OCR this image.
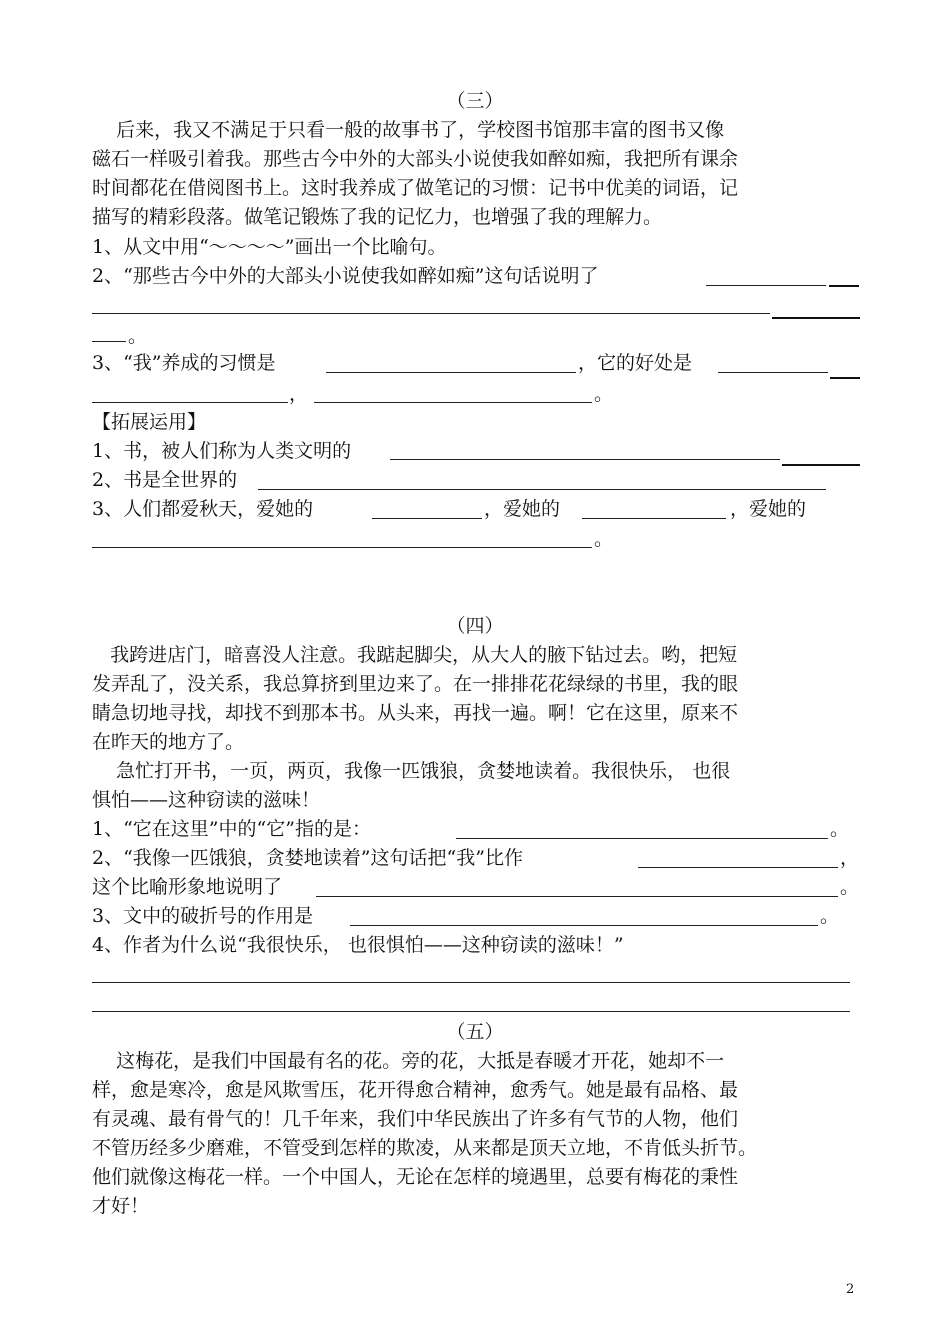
（三）
后来，我又不满足于只看一般的故事书了，学校图书馆那丰富的图书又像
磁石一样吸引着我。那些古今中外的大部头小说使我如醉如痴，我把所有课余
时间都花在借阅图书上。这时我养成了做笔记的习惯：记书中优美的词语，记
描写的精彩段落。做笔记锻炼了我的记忆力，也增强了我的理解力。
1、从文中用“～～～～”画出一个比喻句。
2、“那些古今中外的大部头小说使我如醉如痴”这句话说明了
。
3、“我”养成的习惯是	，它的好处是
，	。
【拓展运用】
1、书，被人们称为人类文明的
2、书是全世界的
3、人们都爱秋天，爱她的	，爱她的	，爱她的
。
（四）
我跨进店门，暗喜没人注意。我踮起脚尖，从大人的腋下钻过去。哟，把短
发弄乱了，没关系，我总算挤到里边来了。在一排排花花绿绿的书里，我的眼
睛急切地寻找，却找不到那本书。从头来，再找一遍。啊！它在这里，原来不
在昨天的地方了。
急忙打开书，一页，两页，我像一匹饿狼，贪婪地读着。我很快乐， 也很
惧怕——这种窃读的滋味！
1、“它在这里”中的“它”指的是：	。
2、“我像一匹饿狼，贪婪地读着”这句话把“我”比作	，
这个比喻形象地说明了	。
3、文中的破折号的作用是	。
4、作者为什么说“我很快乐， 也很惧怕——这种窃读的滋味！”
（五）
这梅花，是我们中国最有名的花。旁的花，大抵是春暖才开花，她却不一
样，愈是寒冷，愈是风欺雪压，花开得愈合精神，愈秀气。她是最有品格、最
有灵魂、最有骨气的！几千年来，我们中华民族出了许多有气节的人物，他们
不管历经多少磨难，不管受到怎样的欺凌，从来都是顶天立地，不肯低头折节。
他们就像这梅花一样。一个中国人，无论在怎样的境遇里，总要有梅花的秉性
才好！
2
